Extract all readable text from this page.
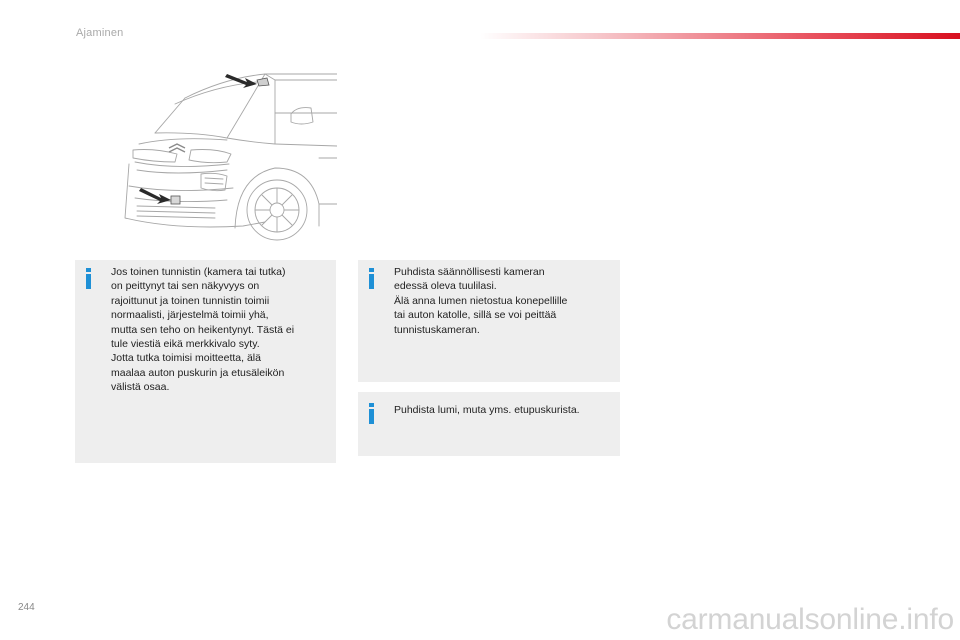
Ajaminen

Jos toinen tunnistin (kamera tai tutka)

on peittynyt tai sen näkyvyys on

rajoittunut ja toinen tunnistin toimii

normaalisti, järjestelmä toimii yhä,

mutta sen teho on heikentynyt. Tästä ei

tule viestiä eikä merkkivalo syty.

Jotta tutka toimisi moitteetta, älä

maalaa auton puskurin ja etusäleikön

välistä osaa.

Puhdista säännöllisesti kameran

edessä oleva tuulilasi.

Älä anna lumen nietostua konepellille

tai auton katolle, sillä se voi peittää

tunnistuskameran.

Puhdista lumi, muta yms. etupuskurista.

244	carmanualsonline.info
